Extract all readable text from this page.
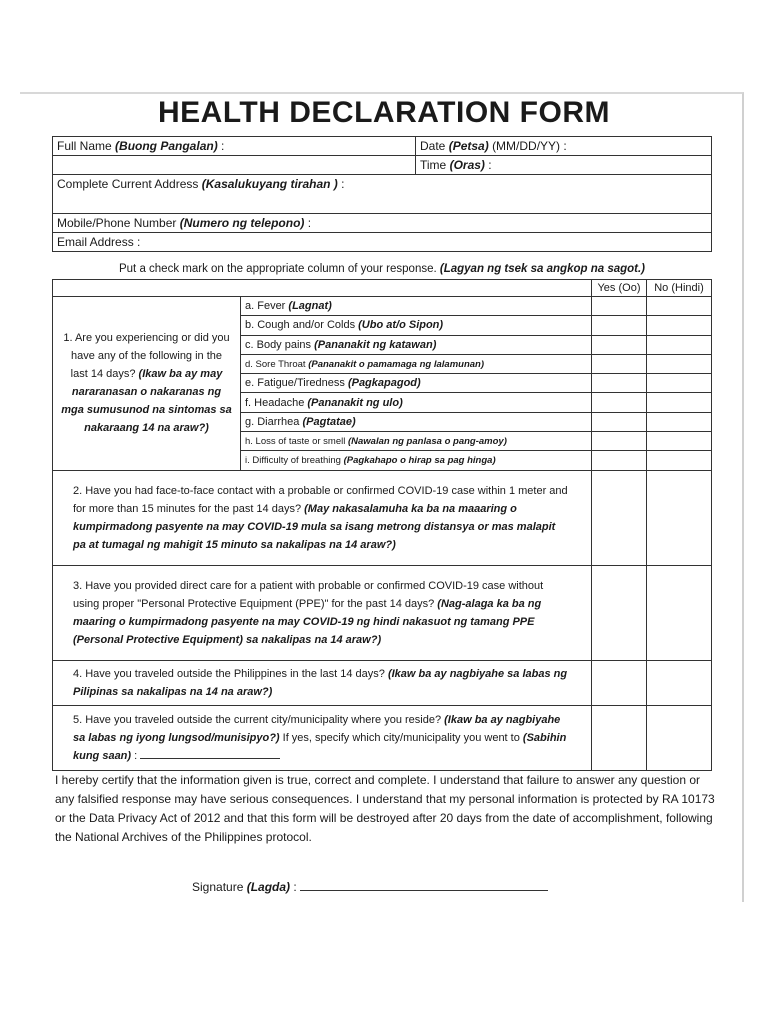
HEALTH DECLARATION FORM
Full Name (Buong Pangalan) :	Date (Petsa) (MM/DD/YY) :
	Time (Oras) :
Complete Current Address (Kasalukuyang tirahan ) :	
Mobile/Phone Number (Numero ng telepono) :	
Email Address :	
Put a check mark on the appropriate column of your response. (Lagyan ng tsek sa angkop na sagot.)
		Yes (Oo)	No (Hindi)
1. Are you experiencing or did you have any of the following in the last 14 days? (Ikaw ba ay may nararanasan o nakaranas ng mga sumusunod na sintomas sa nakaraang 14 na araw?)	a. Fever (Lagnat)		
	b. Cough and/or Colds (Ubo at/o Sipon)		
	c. Body pains (Pananakit ng katawan)		
	d. Sore Throat (Pananakit o pamamaga ng lalamunan)		
	e. Fatigue/Tiredness (Pagkapagod)		
	f. Headache (Pananakit ng ulo)		
	g. Diarrhea (Pagtatae)		
	h. Loss of taste or smell (Nawalan ng panlasa o pang-amoy)		
	i. Difficulty of breathing (Pagkahapo o hirap sa pag hinga)		
2. Have you had face-to-face contact with a probable or confirmed COVID-19 case within 1 meter and for more than 15 minutes for the past 14 days? (May nakasalamuha ka ba na maaaring o kumpirmadong pasyente na may COVID-19 mula sa isang metrong distansya or mas malapit pa at tumagal ng mahigit 15 minuto sa nakalipas na 14 araw?)			
3. Have you provided direct care for a patient with probable or confirmed COVID-19 case without using proper "Personal Protective Equipment (PPE)" for the past 14 days? (Nag-alaga ka ba ng maaring o kumpirmadong pasyente na may COVID-19 ng hindi nakasuot ng tamang PPE (Personal Protective Equipment) sa nakalipas na 14 araw?)			
4. Have you traveled outside the Philippines in the last 14 days? (Ikaw ba ay nagbiyahe sa labas ng Pilipinas sa nakalipas na 14 na araw?)			
5. Have you traveled outside the current city/municipality where you reside? (Ikaw ba ay nagbiyahe sa labas ng iyong lungsod/munisipyo?) If yes, specify which city/municipality you went to (Sabihin kung saan) :			
I hereby certify that the information given is true, correct and complete. I understand that failure to answer any question or any falsified response may have serious consequences. I understand that my personal information is protected by RA 10173 or the Data Privacy Act of 2012 and that this form will be destroyed after 20 days from the date of accomplishment, following the National Archives of the Philippines protocol.
Signature (Lagda) :
